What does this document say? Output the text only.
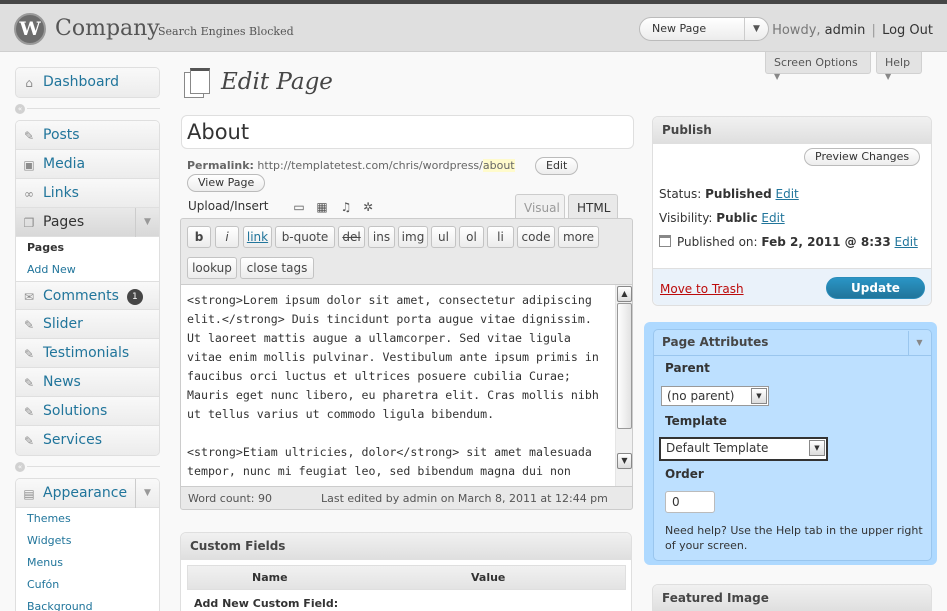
W Company
Search Engines Blocked	New Page	▼ Howdy, admin | Log Out
Screen Options ▼
Help ▼
⌂ Dashboard
«
✎ Posts
▣ Media
∞ Links
❐ Pages	▼
Pages
Add New
✉ Comments 1
✎ Slider
✎ Testimonials
✎ News
✎ Solutions
✎ Services
«
▤ Appearance	▼
Themes
Widgets
Menus
Cufón
Background
Edit Page
About
Permalink: http://templatetest.com/chris/wordpress/about	Edit
View Page
Upload/Insert ▭ ▦ ♫ ✲	Visual	HTML
b	i	link	b-quote	del	ins img	ul	ol	li	code	more
lookup	close tags
<strong>Lorem ipsum dolor sit amet, consectetur adipiscing elit.</strong> Duis tincidunt porta augue vitae dignissim. Ut laoreet mattis augue a ullamcorper. Sed vitae ligula vitae enim mollis pulvinar. Vestibulum ante ipsum primis in faucibus orci luctus et ultrices posuere cubilia Curae; Mauris eget nunc libero, eu pharetra elit. Cras mollis nibh ut tellus varius ut commodo ligula bibendum.

<strong>Etiam ultricies, dolor</strong> sit amet malesuada tempor, nunc mi feugiat leo, sed bibendum magna dui non
▲
▼
Word count: 90	Last edited by admin on March 8, 2011 at 12:44 pm
Custom Fields
Name	Value
Add New Custom Field:
Publish
Preview Changes
Status: Published Edit
Visibility: Public Edit
Published on: Feb 2, 2011 @ 8:33 Edit
Move to Trash	Update
Page Attributes	▼
Parent
(no parent)	▼
Template
Default Template	▼
Order
0
Need help? Use the Help tab in the upper right of your screen.
Featured Image
